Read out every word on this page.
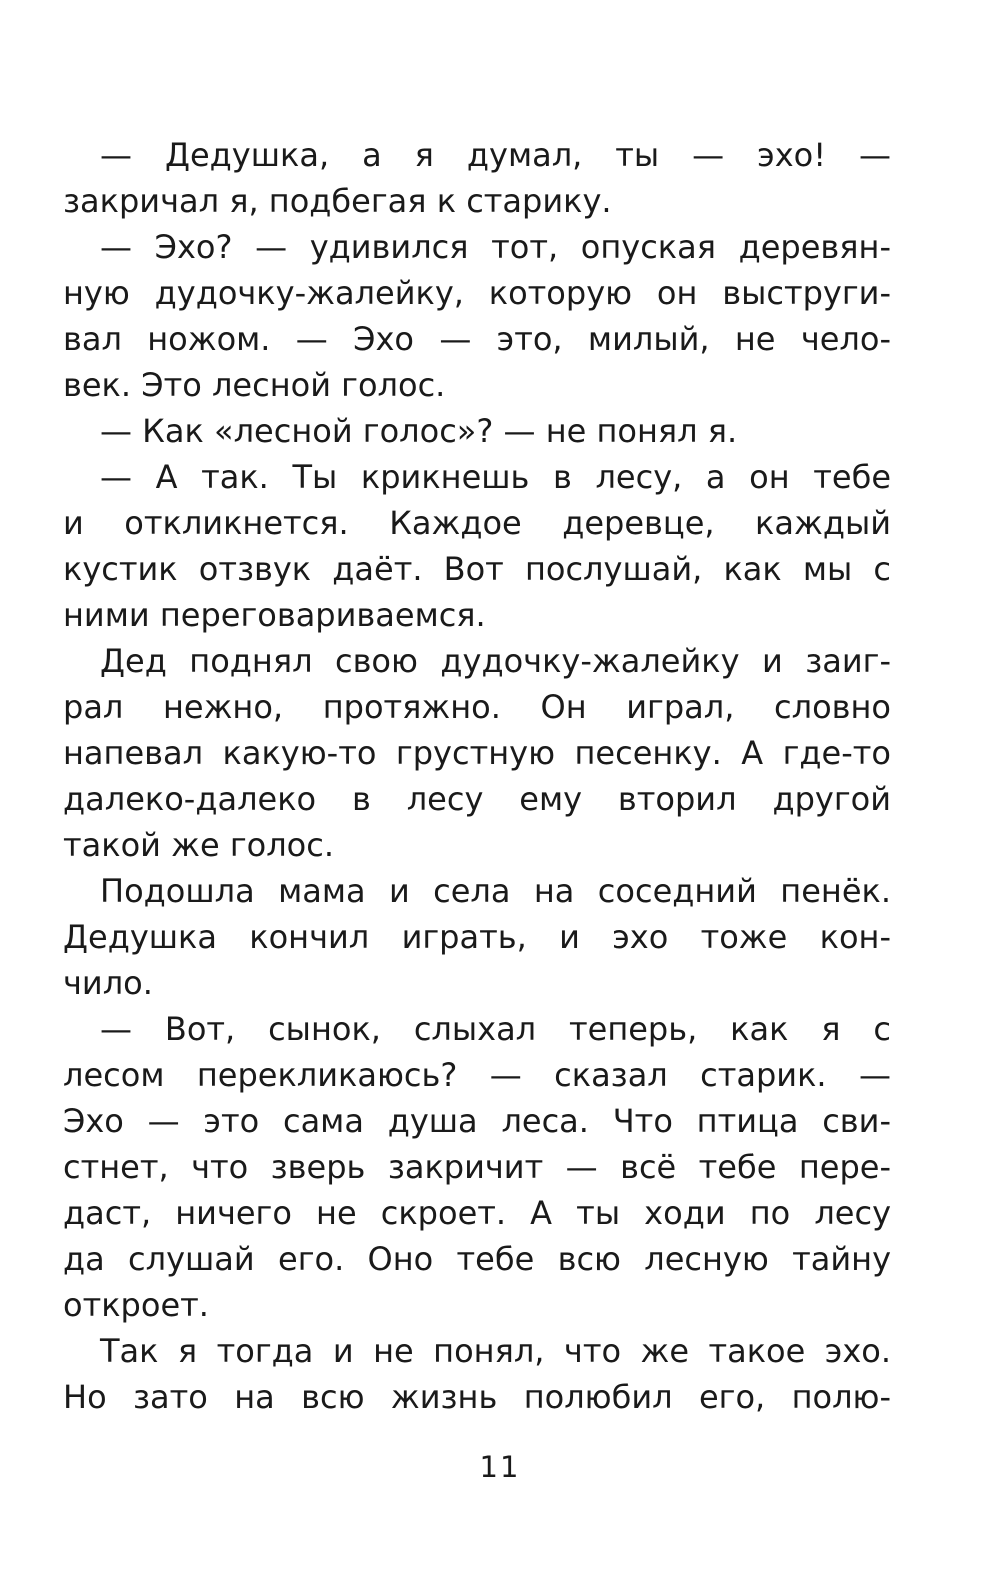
— Дедушка, а я думал, ты — эхо! —
закричал я, подбегая к старику.
— Эхо? — удивился тот, опуская деревян-
ную дудочку-жалейку, которую он выструги-
вал ножом. — Эхо — это, милый, не чело-
век. Это лесной голос.
— Как «лесной голос»? — не понял я.
— А так. Ты крикнешь в лесу, а он тебе
и откликнется. Каждое деревце, каждый
кустик отзвук даёт. Вот послушай, как мы с
ними переговариваемся.
Дед поднял свою дудочку-жалейку и заиг-
рал нежно, протяжно. Он играл, словно
напевал какую-то грустную песенку. А где-то
далеко-далеко в лесу ему вторил другой
такой же голос.
Подошла мама и села на соседний пенёк.
Дедушка кончил играть, и эхо тоже кон-
чило.
— Вот, сынок, слыхал теперь, как я с
лесом перекликаюсь? — сказал старик. —
Эхо — это сама душа леса. Что птица сви-
стнет, что зверь закричит — всё тебе пере-
даст, ничего не скроет. А ты ходи по лесу
да слушай его. Оно тебе всю лесную тайну
откроет.
Так я тогда и не понял, что же такое эхо.
Но зато на всю жизнь полюбил его, полю-
11
